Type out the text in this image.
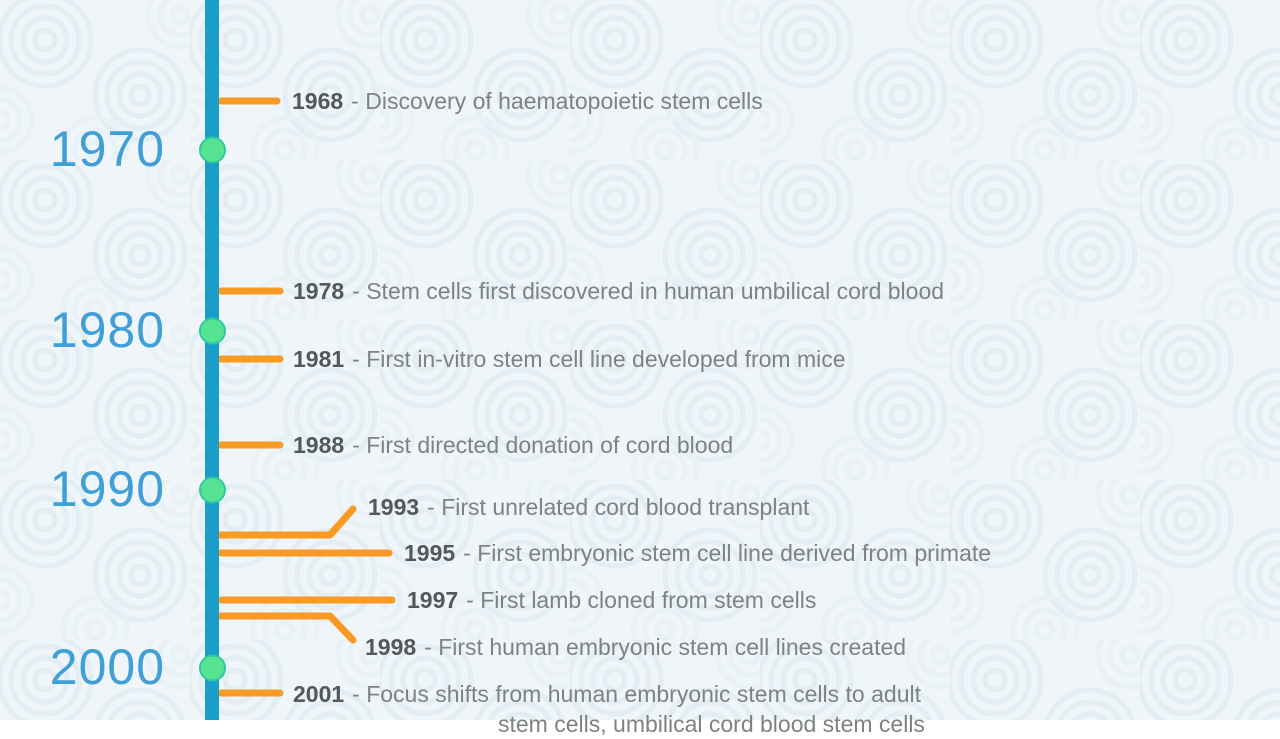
1970
1980
1990
2000
1968 - Discovery of haematopoietic stem cells
1978 - Stem cells first discovered in human umbilical cord blood
1981 - First in-vitro stem cell line developed from mice
1988 - First directed donation of cord blood
1993 - First unrelated cord blood transplant
1995 - First embryonic stem cell line derived from primate
1997 - First lamb cloned from stem cells
1998 - First human embryonic stem cell lines created
2001 - Focus shifts from human embryonic stem cells to adult
stem cells, umbilical cord blood stem cells
